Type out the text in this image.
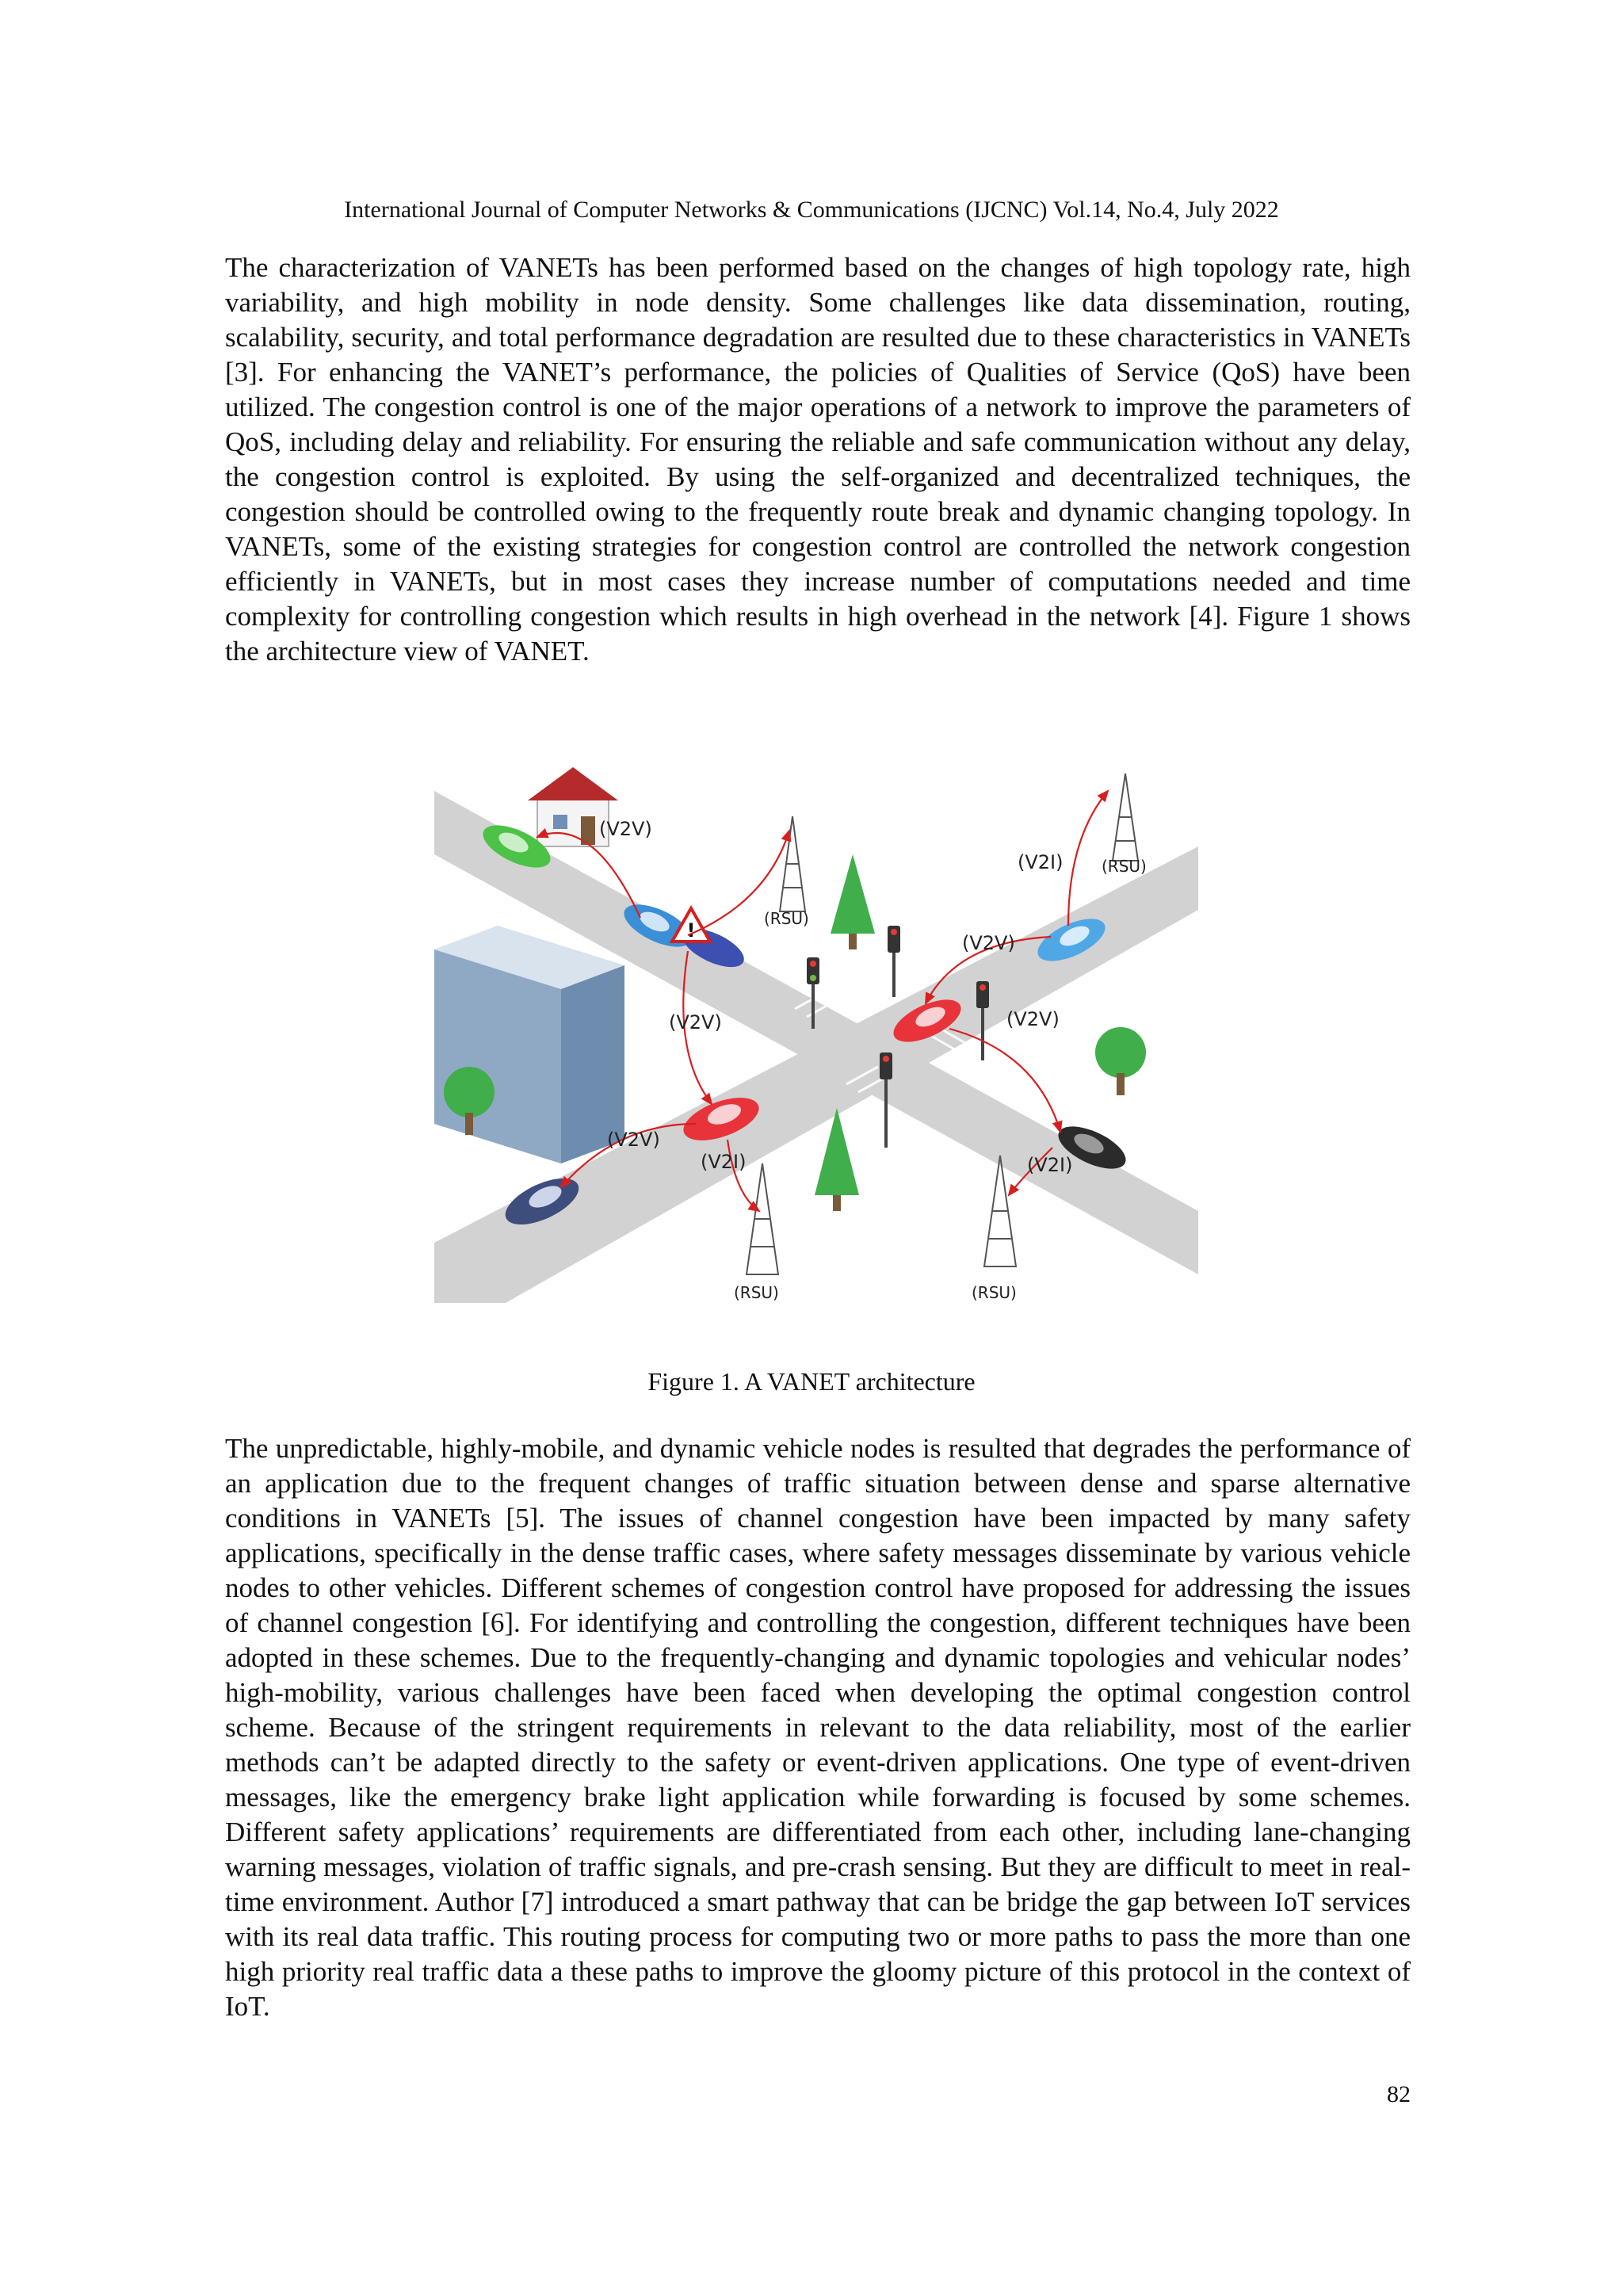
International Journal of Computer Networks & Communications (IJCNC) Vol.14, No.4, July 2022

The characterization of VANETs has been performed based on the changes of high topology rate, high variability, and high mobility in node density. Some challenges like data dissemination, routing, scalability, security, and total performance degradation are resulted due to these characteristics in VANETs [3]. For enhancing the VANET’s performance, the policies of Qualities of Service (QoS) have been utilized. The congestion control is one of the major operations of a network to improve the parameters of QoS, including delay and reliability. For ensuring the reliable and safe communication without any delay, the congestion control is exploited. By using the self-organized and decentralized techniques, the congestion should be controlled owing to the frequently route break and dynamic changing topology. In VANETs, some of the existing strategies for congestion control are controlled the network congestion efficiently in VANETs, but in most cases they increase number of computations needed and time complexity for controlling congestion which results in high overhead in the network [4]. Figure 1 shows the architecture view of VANET.

!
(V2V)
(V2I) (RSU)
(RSU)
(V2V)
(V2V)	(V2V)
(V2V)
(V2I)	(V2I)
(RSU)	(RSU)
Figure 1. A VANET architecture

The unpredictable, highly-mobile, and dynamic vehicle nodes is resulted that degrades the performance of an application due to the frequent changes of traffic situation between dense and sparse alternative conditions in VANETs [5]. The issues of channel congestion have been impacted by many safety applications, specifically in the dense traffic cases, where safety messages disseminate by various vehicle nodes to other vehicles. Different schemes of congestion control have proposed for addressing the issues of channel congestion [6]. For identifying and controlling the congestion, different techniques have been adopted in these schemes. Due to the frequently-changing and dynamic topologies and vehicular nodes’ high-mobility, various challenges have been faced when developing the optimal congestion control scheme. Because of the stringent requirements in relevant to the data reliability, most of the earlier methods can’t be adapted directly to the safety or event-driven applications. One type of event-driven messages, like the emergency brake light application while forwarding is focused by some schemes. Different safety applications’ requirements are differentiated from each other, including lane-changing warning messages, violation of traffic signals, and pre-crash sensing. But they are difficult to meet in real-time environment. Author [7] introduced a smart pathway that can be bridge the gap between IoT services with its real data traffic. This routing process for computing two or more paths to pass the more than one high priority real traffic data a these paths to improve the gloomy picture of this protocol in the context of IoT.

82
